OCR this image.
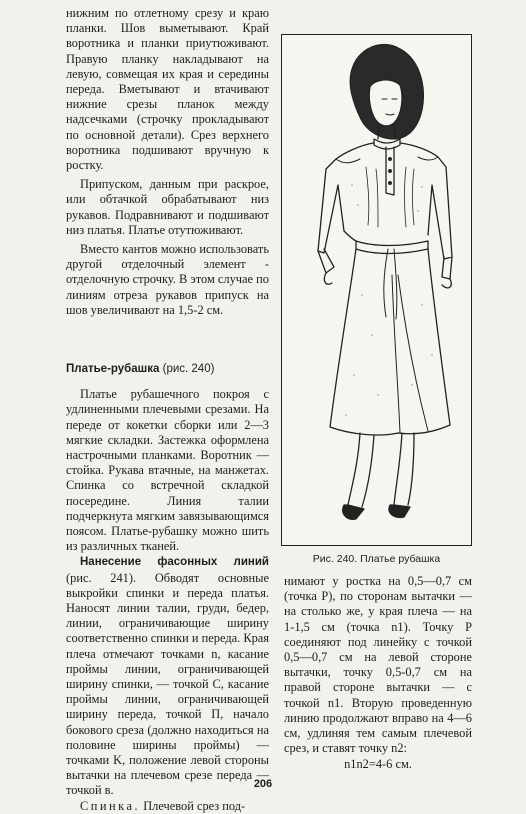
нижним по отлетному срезу и краю планки. Шов выметывают. Край воротника и планки приутюживают. Правую планку накладывают на левую, совмещая их края и середины переда. Вметывают и втачивают нижние срезы планок между надсечками (строчку прокладывают по основной детали). Срез верхнего воротника подшивают вручную к ростку.

Припуском, данным при раскрое, или обтачкой обрабатывают низ рукавов. Подравнивают и подшивают низ платья. Платье отутюживают.

Вместо кантов можно использовать другой отделочный элемент - отделочную строчку. В этом случае по линиям отреза рукавов припуск на шов увеличивают на 1,5-2 см.

Платье-рубашка (рис. 240)

Платье рубашечного покроя с удлиненными плечевыми срезами. На переде от кокетки сборки или 2—3 мягкие складки. Застежка оформлена настрочными планками. Воротник — стойка. Рукава втачные, на манжетах. Спинка со встречной складкой посередине. Линия талии подчеркнута мягким завязывающимся поясом. Платье-рубашку можно шить из различных тканей.

Нанесение фасонных линий (рис. 241). Обводят основные выкройки спинки и переда платья. Наносят линии талии, груди, бедер, линии, ограничивающие ширину соответственно спинки и переда. Края плеча отмечают точками n, касание проймы линии, ограничивающей ширину спинки, — точкой C, касание проймы линии, ограничивающей ширину переда, точкой П, начало бокового среза (должно находиться на половине ширины проймы) — точками K, положение левой стороны вытачки на плечевом срезе переда — точкой в.

Спинка. Плечевой срез под-

Рис. 240. Платье рубашка

нимают у ростка на 0,5—0,7 см (точка P), по сторонам вытачки — на столько же, у края плеча — на 1-1,5 см (точка n1). Точку P соединяют под линейку с точкой 0,5—0,7 см на левой стороне вытачки, точку 0,5-0,7 см на правой стороне вытачки — с точкой n1. Вторую проведенную линию продолжают вправо на 4—6 см, удлиняя тем самым плечевой срез, и ставят точку n2:

n1n2=4-6 см.

206
